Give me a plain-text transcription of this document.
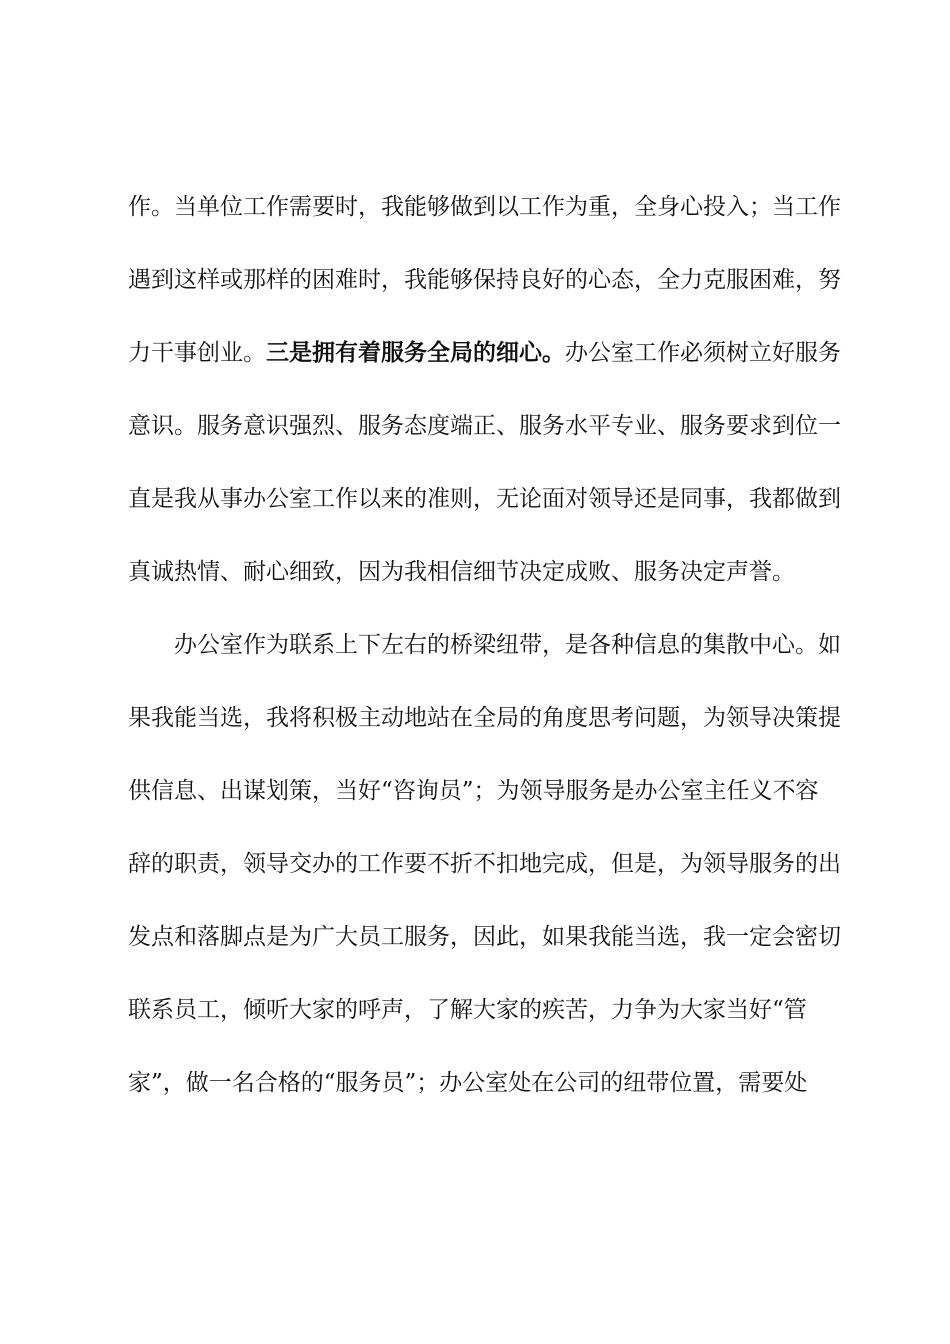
作。当单位工作需要时，我能够做到以工作为重，全身心投入；当工作
遇到这样或那样的困难时，我能够保持良好的心态，全力克服困难，努
力干事创业。三是拥有着服务全局的细心。办公室工作必须树立好服务
意识。服务意识强烈、服务态度端正、服务水平专业、服务要求到位一
直是我从事办公室工作以来的准则，无论面对领导还是同事，我都做到
真诚热情、耐心细致，因为我相信细节决定成败、服务决定声誉。
办公室作为联系上下左右的桥梁纽带，是各种信息的集散中心。如
果我能当选，我将积极主动地站在全局的角度思考问题，为领导决策提
供信息、出谋划策，当好“咨询员”；为领导服务是办公室主任义不容
辞的职责，领导交办的工作要不折不扣地完成，但是，为领导服务的出
发点和落脚点是为广大员工服务，因此，如果我能当选，我一定会密切
联系员工，倾听大家的呼声，了解大家的疾苦，力争为大家当好“管
家”，做一名合格的“服务员”；办公室处在公司的纽带位置，需要处
